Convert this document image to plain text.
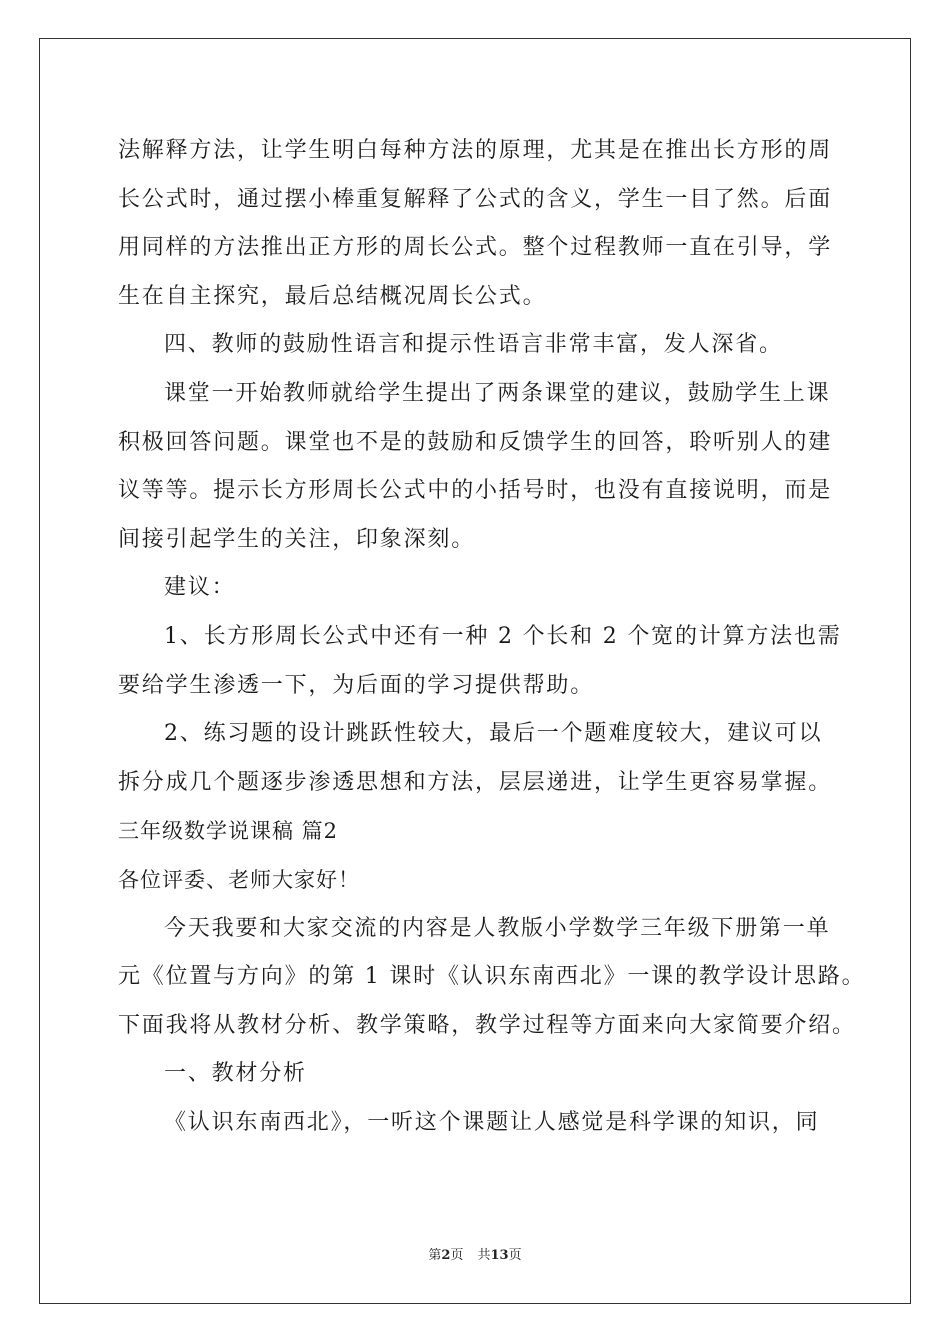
法解释方法，让学生明白每种方法的原理，尤其是在推出长方形的周
长公式时，通过摆小棒重复解释了公式的含义，学生一目了然。后面
用同样的方法推出正方形的周长公式。整个过程教师一直在引导，学
生在自主探究，最后总结概况周长公式。
四、教师的鼓励性语言和提示性语言非常丰富，发人深省。
课堂一开始教师就给学生提出了两条课堂的建议，鼓励学生上课
积极回答问题。课堂也不是的鼓励和反馈学生的回答，聆听别人的建
议等等。提示长方形周长公式中的小括号时，也没有直接说明，而是
间接引起学生的关注，印象深刻。
建议：
1、长方形周长公式中还有一种 2 个长和 2 个宽的计算方法也需
要给学生渗透一下，为后面的学习提供帮助。
2、练习题的设计跳跃性较大，最后一个题难度较大，建议可以
拆分成几个题逐步渗透思想和方法，层层递进，让学生更容易掌握。
三年级数学说课稿 篇2
各位评委、老师大家好！
今天我要和大家交流的内容是人教版小学数学三年级下册第一单
元《位置与方向》的第 1 课时《认识东南西北》一课的教学设计思路。
下面我将从教材分析、教学策略，教学过程等方面来向大家简要介绍。
一、教材分析
《认识东南西北》，一听这个课题让人感觉是科学课的知识，同
第2页 共13页
